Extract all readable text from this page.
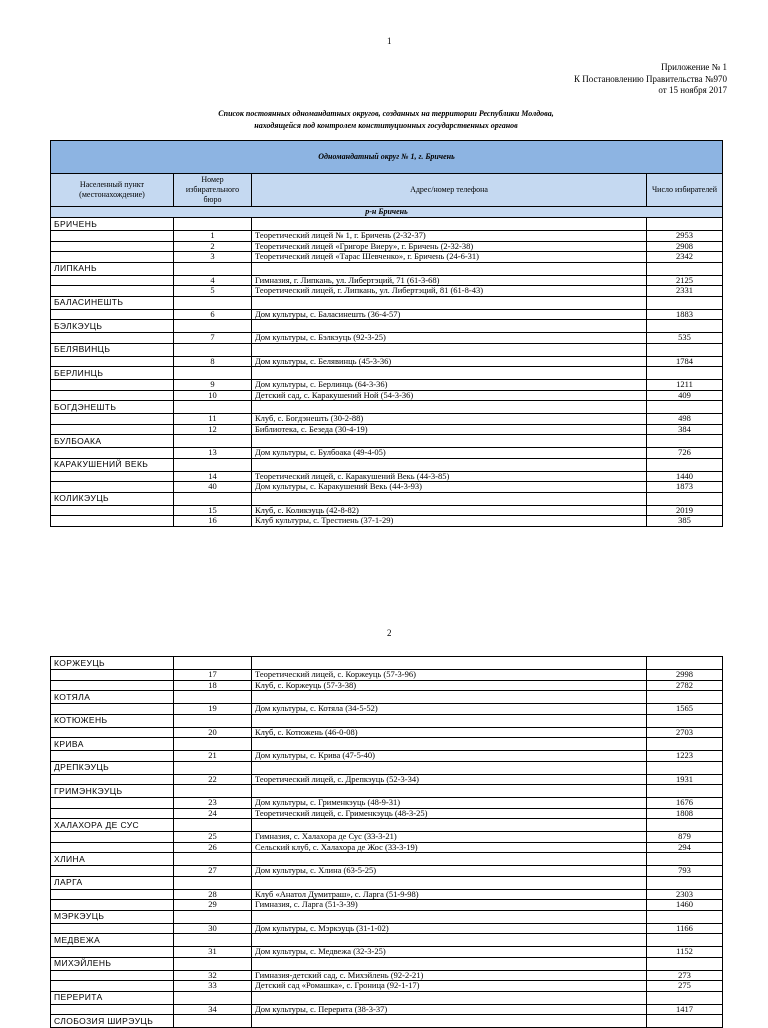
1
Приложение № 1
К Постановлению Правительства №970
от 15 ноября 2017
Список постоянных одномандатных округов, созданных на территории Республики Молдова,
находящейся под контролем конституционных государственных органов
Одномандатный округ № 1, г. Бричень			
Населенный пункт (местонахождение)	Номер избирательного бюро	Адрес/номер телефона	Число избирателей
р-н Бричень			
БРИЧЕНЬ			
	1	Теоретический лицей № 1, г. Бричень (2-32-37)	2953
	2	Теоретический лицей «Григоре Виеру», г. Бричень (2-32-38)	2908
	3	Теоретический лицей «Тарас Шевченко», г. Бричень (24-6-31)	2342
ЛИПКАНЬ			
	4	Гимназия, г. Липкань, ул. Либертэций, 71 (61-3-68)	2125
	5	Теоретический лицей, г. Липкань, ул. Либертэций, 81 (61-8-43)	2331
БАЛАСИНЕШТЬ			
	6	Дом культуры, с. Баласинешть (36-4-57)	1883
БЭЛКЭУЦЬ			
	7	Дом культуры, с. Бэлкэуць (92-3-25)	535
БЕЛЯВИНЦЬ			
	8	Дом культуры, с. Белявинць (45-3-36)	1784
БЕРЛИНЦЬ			
	9	Дом культуры, с. Берлинць (64-3-36)	1211
	10	Детский сад, с. Каракушений Ной (54-3-36)	409
БОГДЭНЕШТЬ			
	11	Клуб, с. Богдэнешть (30-2-88)	498
	12	Библиотека, с. Безеда (30-4-19)	384
БУЛБОАКА			
	13	Дом культуры, с. Булбоака (49-4-05)	726
КАРАКУШЕНИЙ ВЕКЬ			
	14	Теоретический лицей, с. Каракушений Векь (44-3-85)	1440
	40	Дом культуры, с. Каракушений Векь (44-3-93)	1873
КОЛИКЭУЦЬ			
	15	Клуб, с. Коликэуць (42-8-82)	2019
	16	Клуб культуры, с. Трестиень (37-1-29)	385
2
КОРЖЕУЦЬ			
	17	Теоретический лицей, с. Коржеуць (57-3-96)	2998
	18	Клуб, с. Коржеуць (57-3-38)	2782
КОТЯЛА			
	19	Дом культуры, с. Котяла (34-5-52)	1565
КОТЮЖЕНЬ			
	20	Клуб, с. Котюжень (46-0-08)	2703
КРИВА			
	21	Дом культуры, с. Крива (47-5-40)	1223
ДРЕПКЭУЦЬ			
	22	Теоретический лицей, с. Дрепкэуць (52-3-34)	1931
ГРИМЭНКЭУЦЬ			
	23	Дом культуры, с. Грименкэуць (48-9-31)	1676
	24	Теоретический лицей, с. Грименкэуць (48-3-25)	1808
ХАЛАХОРА ДЕ СУС			
	25	Гимназия, с. Халахора де Сус (33-3-21)	879
	26	Сельский клуб, с. Халахора де Жос (33-3-19)	294
ХЛИНА			
	27	Дом культуры, с. Хлина (63-5-25)	793
ЛАРГА			
	28	Клуб «Анатол Думитраш», с. Ларга (51-9-98)	2303
	29	Гимназия, с. Ларга (51-3-39)	1460
МЭРКЭУЦЬ			
	30	Дом культуры, с. Мэркэуць (31-1-02)	1166
МЕДВЕЖА			
	31	Дом культуры, с. Медвежа (32-3-25)	1152
МИХЭЙЛЕНЬ			
	32	Гимназия-детский сад, с. Михэйлень (92-2-21)	273
	33	Детский сад «Ромашка», с. Гроница (92-1-17)	275
ПЕРЕРИТА			
	34	Дом культуры, с. Перерита (38-3-37)	1417
СЛОБОЗИЯ ШИРЭУЦЬ			
